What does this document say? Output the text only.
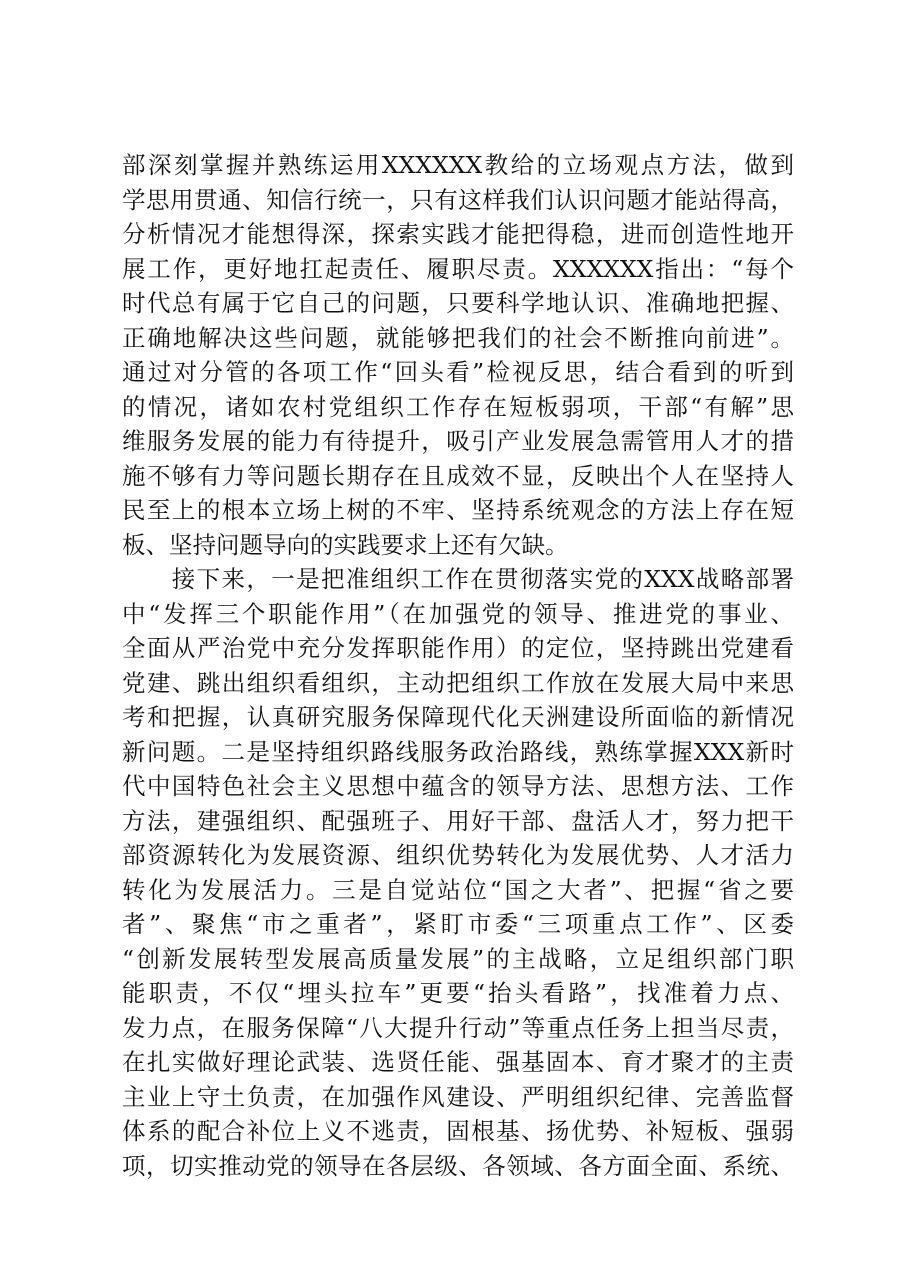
部深刻掌握并熟练运用XXXXXX教给的立场观点方法，做到
学思用贯通、知信行统一，只有这样我们认识问题才能站得高，
分析情况才能想得深，探索实践才能把得稳，进而创造性地开
展工作，更好地扛起责任、履职尽责。XXXXXX指出：“每个
时代总有属于它自己的问题，只要科学地认识、准确地把握、
正确地解决这些问题，就能够把我们的社会不断推向前进”。
通过对分管的各项工作“回头看”检视反思，结合看到的听到
的情况，诸如农村党组织工作存在短板弱项，干部“有解”思
维服务发展的能力有待提升，吸引产业发展急需管用人才的措
施不够有力等问题长期存在且成效不显，反映出个人在坚持人
民至上的根本立场上树的不牢、坚持系统观念的方法上存在短
板、坚持问题导向的实践要求上还有欠缺。
　　接下来，一是把准组织工作在贯彻落实党的XXX战略部署
中“发挥三个职能作用”（在加强党的领导、推进党的事业、
全面从严治党中充分发挥职能作用）的定位，坚持跳出党建看
党建、跳出组织看组织，主动把组织工作放在发展大局中来思
考和把握，认真研究服务保障现代化天洲建设所面临的新情况
新问题。二是坚持组织路线服务政治路线，熟练掌握XXX新时
代中国特色社会主义思想中蕴含的领导方法、思想方法、工作
方法，建强组织、配强班子、用好干部、盘活人才，努力把干
部资源转化为发展资源、组织优势转化为发展优势、人才活力
转化为发展活力。三是自觉站位“国之大者”、把握“省之要
者”、聚焦“市之重者”，紧盯市委“三项重点工作”、区委
“创新发展转型发展高质量发展”的主战略，立足组织部门职
能职责，不仅“埋头拉车”更要“抬头看路”，找准着力点、
发力点，在服务保障“八大提升行动”等重点任务上担当尽责，
在扎实做好理论武装、选贤任能、强基固本、育才聚才的主责
主业上守土负责，在加强作风建设、严明组织纪律、完善监督
体系的配合补位上义不逃责，固根基、扬优势、补短板、强弱
项，切实推动党的领导在各层级、各领域、各方面全面、系统、
